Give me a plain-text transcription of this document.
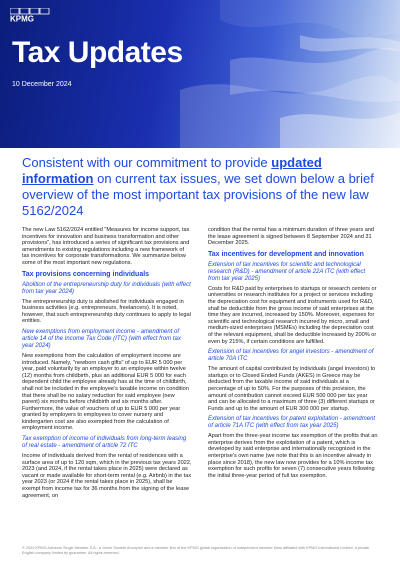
KPMG
Tax Updates
10 December 2024
Consistent with our commitment to provide updated information on current tax issues, we set down below a brief overview of the most important tax provisions of the new law 5162/2024

The new Law 5162/2024 entitled "Measures for income support, tax incentives for innovation and business transformation and other provisions", has introduced a series of significant tax provisions and amendments to existing regulations including a new framework of tax incentives for corporate transformations. We summarize below some of the most important new regulations.

Tax provisions concerning individuals
Abolition of the entrepreneurship duty for individuals (with effect from tax year 2024)

The entrepreneurship duty is abolished for individuals engaged in business activities (e.g. entrepreneurs, freelancers). It is noted, however, that such entrepreneurship duty continues to apply to legal entities.

New exemptions from employment income - amendment of article 14 of the Income Tax Code (ITC) (with effect from tax year 2024)

New exemptions from the calculation of employment income are introduced. Namely, "newborn cash gifts" of up to EUR 5 000 per year, paid voluntarily by an employer to an employee within twelve (12) months from childbirth, plus an additional EUR 5 000 for each dependent child the employee already has at the time of childbirth, shall not be included in the employee's taxable income on condition that there shall be no salary reduction for said employee (new parent) six months before childbirth and six months after. Furthermore, the value of vouchers of up to EUR 5 000 per year granted by employers to employees to cover nursery and kindergarten cost are also exempted from the calculation of employment income.

Tax exemption of income of individuals from long-term leasing of real estate - amendment of article 72 ITC

Income of individuals derived from the rental of residences with a surface area of up to 120 sqm, which in the previous tax years 2022, 2023 (and 2024, if the rental takes place in 2025) were declared as vacant or made available for short-term rental (e.g. Airbnb) in the tax year 2023 (or 2024 if the rental takes place in 2025), shall be exempt from income tax for 36 months from the signing of the lease agreement, on

condition that the rental has a minimum duration of three years and the lease agreement is signed between 8 September 2024 and 31 December 2025.

Tax incentives for development and innovation
Extension of tax incentives for scientific and technological research (R&D) - amendment of article 22A ITC (with effect from tax year 2025)

Costs for R&D paid by enterprises to startups or research centers or universities or research institutes for a project or services including the depreciation cost for equipment and instruments used for R&D, shall be deductible from the gross income of said enterprises at the time they are incurred, increased by 150%. Moreover, expenses for scientific and technological research incurred by micro, small and medium-sized enterprises (MSMEs) including the depreciation cost of the relevant equipment, shall be deductible increased by 200% or even by 215%, if certain conditions are fulfilled.

Extension of tax incentives for angel investors - amendment of article 70A ITC

The amount of capital contributed by individuals (angel investors) to startups or to Closed Ended Funds (AKES) in Greece may be deducted from the taxable income of said individuals at a percentage of up to 50%. For the purposes of this provision, the amount of contribution cannot exceed EUR 500 000 per tax year and can be allocated to a maximum of three (3) different startups or Funds and up to the amount of EUR 300 000 per startup.

Extension of tax incentives for patent exploitation - amendment of article 71A ITC (with effect from tax year 2025)

Apart from the three-year income tax exemption of the profits that an enterprise derives from the exploitation of a patent, which is developed by said enterprise and internationally recognized in the enterprise's own name (we note that this is an incentive already in place since 2018), the new law now provides for a 10% income tax exemption for such profits for seven (7) consecutive years following the initial three-year period of full tax exemption.

© 2024 KPMG Advisors Single Member S.A., a Greek Societe Anonyme and a member firm of the KPMG global organization of independent member firms affiliated with KPMG International Limited, a private English company limited by guarantee. All rights reserved.
